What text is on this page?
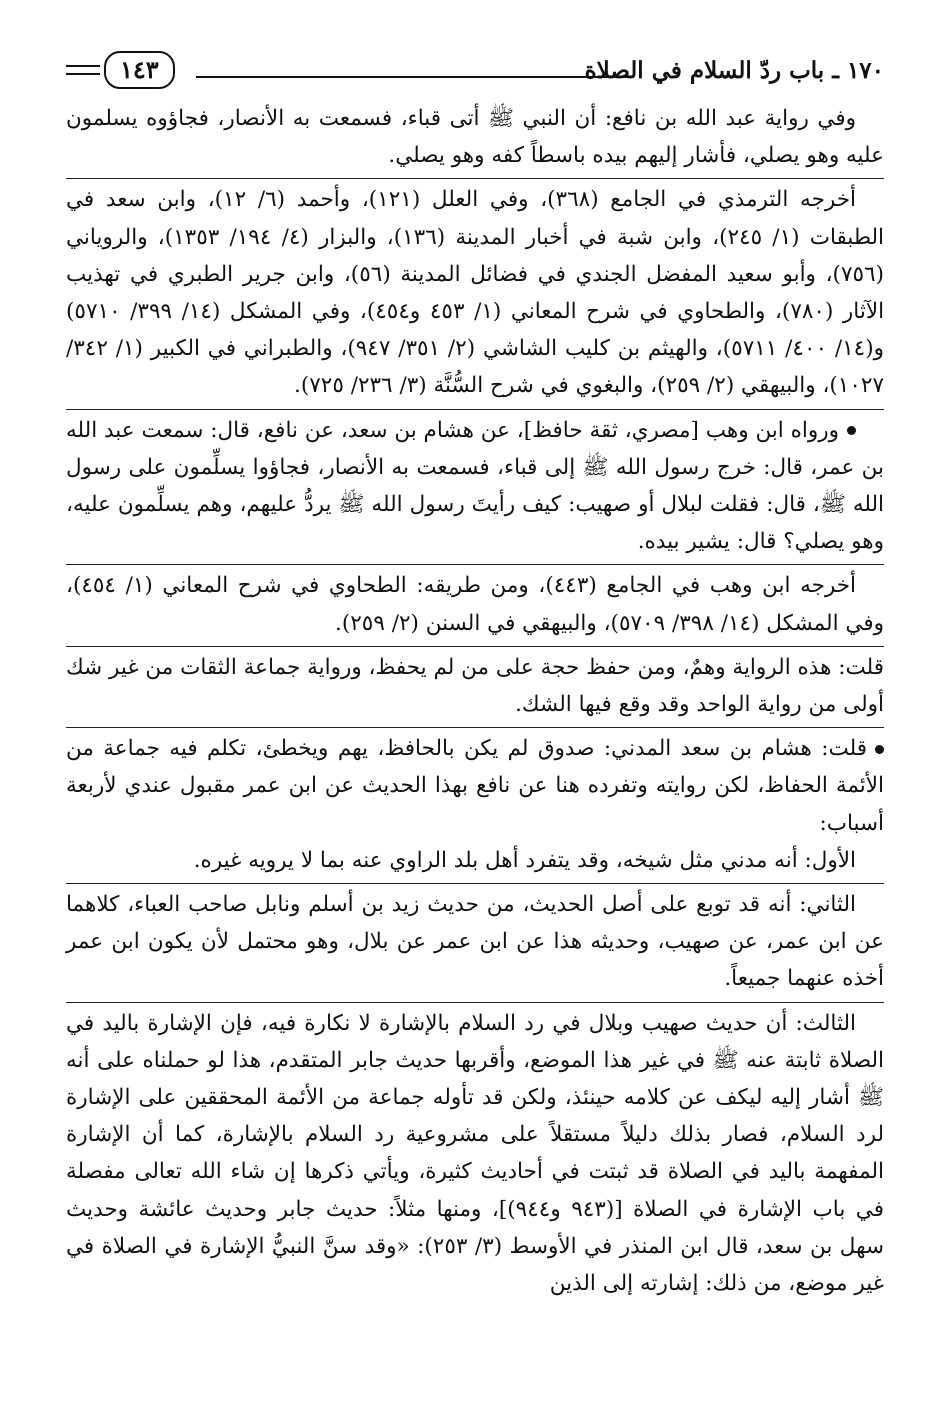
١٧٠ ـ باب ردّ السلام في الصلاة
١٤٣

وفي رواية عبد الله بن نافع: أن النبي ﷺ أتى قباء، فسمعت به الأنصار، فجاؤوه يسلمون عليه وهو يصلي، فأشار إليهم بيده باسطاً كفه وهو يصلي.

أخرجه الترمذي في الجامع (٣٦٨)، وفي العلل (١٢١)، وأحمد (٦/ ١٢)، وابن سعد في الطبقات (١/ ٢٤٥)، وابن شبة في أخبار المدينة (١٣٦)، والبزار (٤/ ١٩٤/ ١٣٥٣)، والروياني (٧٥٦)، وأبو سعيد المفضل الجندي في فضائل المدينة (٥٦)، وابن جرير الطبري في تهذيب الآثار (٧٨٠)، والطحاوي في شرح المعاني (١/ ٤٥٣ و٤٥٤)، وفي المشكل (١٤/ ٣٩٩/ ٥٧١٠) و(١٤/ ٤٠٠/ ٥٧١١)، والهيثم بن كليب الشاشي (٢/ ٣٥١/ ٩٤٧)، والطبراني في الكبير (١/ ٣٤٢/ ١٠٢٧)، والبيهقي (٢/ ٢٥٩)، والبغوي في شرح السُّنَّة (٣/ ٢٣٦/ ٧٢٥).

ورواه ابن وهب [مصري، ثقة حافظ]، عن هشام بن سعد، عن نافع، قال: سمعت عبد الله بن عمر، قال: خرج رسول الله ﷺ إلى قباء، فسمعت به الأنصار، فجاؤوا يسلِّمون على رسول الله ﷺ، قال: فقلت لبلال أو صهيب: كيف رأيتَ رسول الله ﷺ يردُّ عليهم، وهم يسلِّمون عليه، وهو يصلي؟ قال: يشير بيده.

أخرجه ابن وهب في الجامع (٤٤٣)، ومن طريقه: الطحاوي في شرح المعاني (١/ ٤٥٤)، وفي المشكل (١٤/ ٣٩٨/ ٥٧٠٩)، والبيهقي في السنن (٢/ ٢٥٩).

قلت: هذه الرواية وهمٌ، ومن حفظ حجة على من لم يحفظ، ورواية جماعة الثقات من غير شك أولى من رواية الواحد وقد وقع فيها الشك.

قلت: هشام بن سعد المدني: صدوق لم يكن بالحافظ، يهم ويخطئ، تكلم فيه جماعة من الأئمة الحفاظ، لكن روايته وتفرده هنا عن نافع بهذا الحديث عن ابن عمر مقبول عندي لأربعة أسباب:

الأول: أنه مدني مثل شيخه، وقد يتفرد أهل بلد الراوي عنه بما لا يرويه غيره.

الثاني: أنه قد توبع على أصل الحديث، من حديث زيد بن أسلم ونابل صاحب العباء، كلاهما عن ابن عمر، عن صهيب، وحديثه هذا عن ابن عمر عن بلال، وهو محتمل لأن يكون ابن عمر أخذه عنهما جميعاً.

الثالث: أن حديث صهيب وبلال في رد السلام بالإشارة لا نكارة فيه، فإن الإشارة باليد في الصلاة ثابتة عنه ﷺ في غير هذا الموضع، وأقربها حديث جابر المتقدم، هذا لو حملناه على أنه ﷺ أشار إليه ليكف عن كلامه حينئذ، ولكن قد تأوله جماعة من الأئمة المحققين على الإشارة لرد السلام، فصار بذلك دليلاً مستقلاً على مشروعية رد السلام بالإشارة، كما أن الإشارة المفهمة باليد في الصلاة قد ثبتت في أحاديث كثيرة، ويأتي ذكرها إن شاء الله تعالى مفصلة في باب الإشارة في الصلاة [(٩٤٣ و٩٤٤)]، ومنها مثلاً: حديث جابر وحديث عائشة وحديث سهل بن سعد، قال ابن المنذر في الأوسط (٣/ ٢٥٣): «وقد سنَّ النبيُّ الإشارة في الصلاة في غير موضع، من ذلك: إشارته إلى الذين
